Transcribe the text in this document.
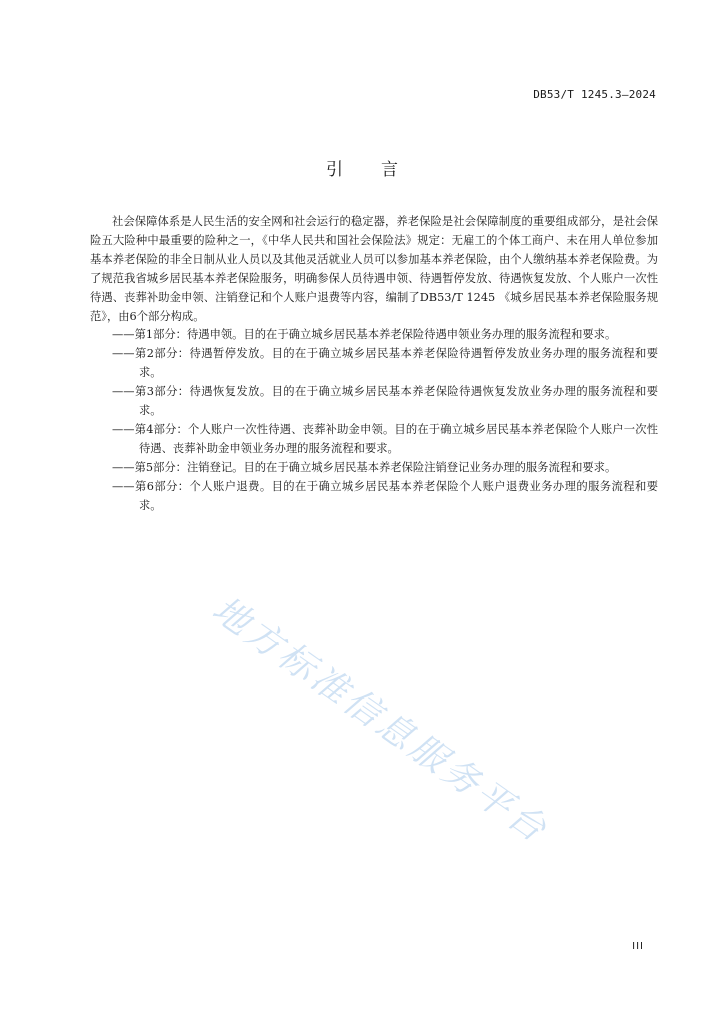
DB53/T 1245.3—2024
引言

社会保障体系是人民生活的安全网和社会运行的稳定器，养老保险是社会保障制度的重要组成部分，是社会保险五大险种中最重要的险种之一，《中华人民共和国社会保险法》规定：无雇工的个体工商户、未在用人单位参加基本养老保险的非全日制从业人员以及其他灵活就业人员可以参加基本养老保险，由个人缴纳基本养老保险费。为了规范我省城乡居民基本养老保险服务，明确参保人员待遇申领、待遇暂停发放、待遇恢复发放、个人账户一次性待遇、丧葬补助金申领、注销登记和个人账户退费等内容，编制了DB53/T 1245 《城乡居民基本养老保险服务规范》，由6个部分构成。

——第1部分：待遇申领。目的在于确立城乡居民基本养老保险待遇申领业务办理的服务流程和要求。
——第2部分：待遇暂停发放。目的在于确立城乡居民基本养老保险待遇暂停发放业务办理的服务流程和要求。
——第3部分：待遇恢复发放。目的在于确立城乡居民基本养老保险待遇恢复发放业务办理的服务流程和要求。
——第4部分：个人账户一次性待遇、丧葬补助金申领。目的在于确立城乡居民基本养老保险个人账户一次性待遇、丧葬补助金申领业务办理的服务流程和要求。
——第5部分：注销登记。目的在于确立城乡居民基本养老保险注销登记业务办理的服务流程和要求。
——第6部分：个人账户退费。目的在于确立城乡居民基本养老保险个人账户退费业务办理的服务流程和要求。
地方标准信息服务平台
III
